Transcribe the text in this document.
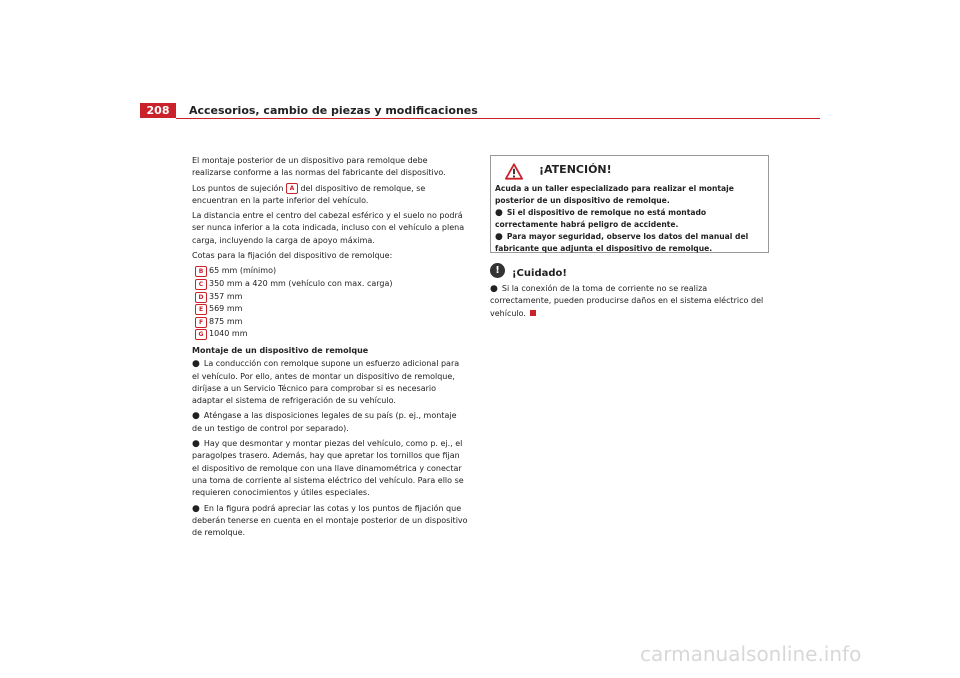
208	Accesorios, cambio de piezas y modificaciones

El montaje posterior de un dispositivo para remolque debe realizarse conforme a las normas del fabricante del dispositivo.

Los puntos de sujeción A del dispositivo de remolque, se encuentran en la parte inferior del vehículo.

La distancia entre el centro del cabezal esférico y el suelo no podrá ser nunca inferior a la cota indicada, incluso con el vehículo a plena carga, incluyendo la carga de apoyo máxima.

Cotas para la fijación del dispositivo de remolque:

B 65 mm (mínimo)
C 350 mm a 420 mm (vehículo con max. carga)
D 357 mm
E 569 mm
F 875 mm
G 1040 mm
Montaje de un dispositivo de remolque

● La conducción con remolque supone un esfuerzo adicional para el vehículo. Por ello, antes de montar un dispositivo de remolque, diríjase a un Servicio Técnico para comprobar si es necesario adaptar el sistema de refrigeración de su vehículo.

● Aténgase a las disposiciones legales de su país (p. ej., montaje de un testigo de control por separado).

● Hay que desmontar y montar piezas del vehículo, como p. ej., el paragolpes trasero. Además, hay que apretar los tornillos que fijan el dispositivo de remolque con una llave dinamométrica y conectar una toma de corriente al sistema eléctrico del vehículo. Para ello se requieren conocimientos y útiles especiales.

● En la figura podrá apreciar las cotas y los puntos de fijación que deberán tenerse en cuenta en el montaje posterior de un dispositivo de remolque.

¡ATENCIÓN!

Acuda a un taller especializado para realizar el montaje posterior de un dispositivo de remolque.

● Si el dispositivo de remolque no está montado correctamente habrá peligro de accidente.

● Para mayor seguridad, observe los datos del manual del fabricante que adjunta el dispositivo de remolque.

!	¡Cuidado!
● Si la conexión de la toma de corriente no se realiza correctamente, pueden producirse daños en el sistema eléctrico del vehículo.
carmanualsonline.info
